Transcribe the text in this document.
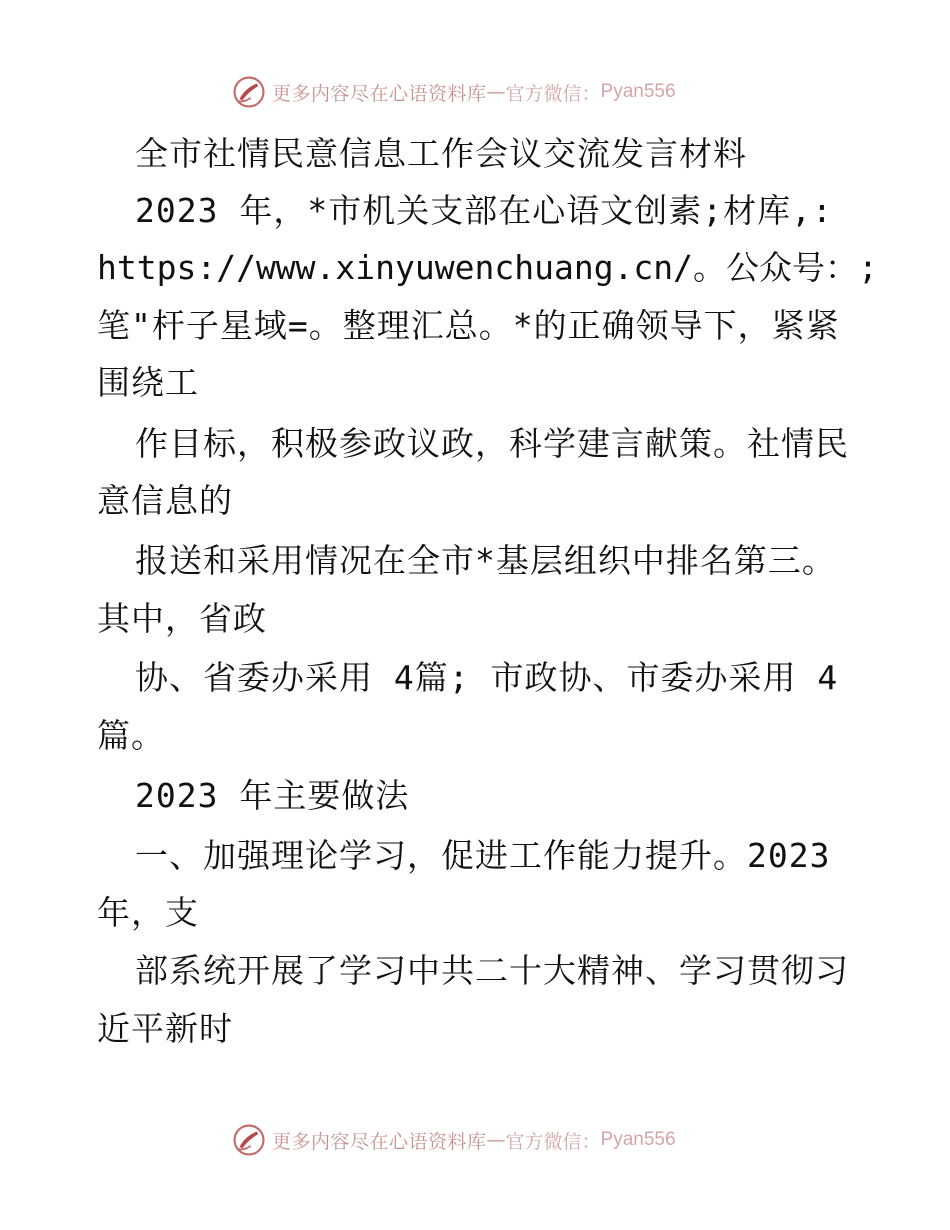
更多内容尽在心语资料库 — 官方微信： Pyan556
全市社情民意信息工作会议交流发言材料
2023 年，*市机关支部在心语文创素;材库,:
https://www.xinyuwenchuang.cn/。公众号：;
笔"杆子星域=。整理汇总。*的正确领导下，紧紧
围绕工
作目标，积极参政议政，科学建言献策。社情民
意信息的
报送和采用情况在全市*基层组织中排名第三。
其中，省政
协、省委办采用 4篇; 市政协、市委办采用 4
篇。
2023 年主要做法
一、加强理论学习，促进工作能力提升。2023
年，支
部系统开展了学习中共二十大精神、学习贯彻习
近平新时
更多内容尽在心语资料库 — 官方微信： Pyan556
